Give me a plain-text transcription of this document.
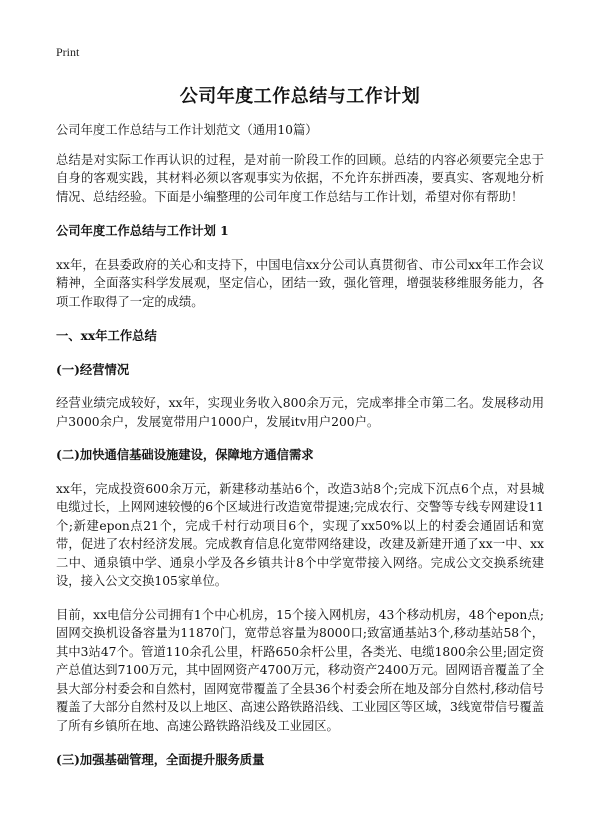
Print
公司年度工作总结与工作计划

公司年度工作总结与工作计划范文（通用10篇）

总结是对实际工作再认识的过程，是对前一阶段工作的回顾。总结的内容必须要完全忠于自身的客观实践，其材料必须以客观事实为依据，不允许东拼西凑，要真实、客观地分析情况、总结经验。下面是小编整理的公司年度工作总结与工作计划，希望对你有帮助！

公司年度工作总结与工作计划 1

xx年，在县委政府的关心和支持下，中国电信xx分公司认真贯彻省、市公司xx年工作会议精神，全面落实科学发展观，坚定信心，团结一致，强化管理，增强装移维服务能力，各项工作取得了一定的成绩。

一、xx年工作总结

(一)经营情况

经营业绩完成较好，xx年，实现业务收入800余万元，完成率排全市第二名。发展移动用户3000余户，发展宽带用户1000户，发展itv用户200户。

(二)加快通信基础设施建设，保障地方通信需求

xx年，完成投资600余万元，新建移动基站6个，改造3站8个;完成下沉点6个点，对县城电缆过长，上网网速较慢的6个区域进行改造宽带提速;完成农行、交警等专线专网建设11个;新建epon点21个，完成千村行动项目6个，实现了xx50%以上的村委会通固话和宽带，促进了农村经济发展。完成教育信息化宽带网络建设，改建及新建开通了xx一中、xx二中、通泉镇中学、通泉小学及各乡镇共计8个中学宽带接入网络。完成公文交换系统建设，接入公文交换105家单位。

目前，xx电信分公司拥有1个中心机房，15个接入网机房，43个移动机房，48个epon点;固网交换机设备容量为11870门，宽带总容量为8000口;致富通基站3个,移动基站58个，其中3站47个。管道110余孔公里，杆路650余杆公里，各类光、电缆1800余公里;固定资产总值达到7100万元，其中固网资产4700万元，移动资产2400万元。固网语音覆盖了全县大部分村委会和自然村，固网宽带覆盖了全县36个村委会所在地及部分自然村,移动信号覆盖了大部分自然村及以上地区、高速公路铁路沿线、工业园区等区域，3线宽带信号覆盖了所有乡镇所在地、高速公路铁路沿线及工业园区。

(三)加强基础管理，全面提升服务质量
